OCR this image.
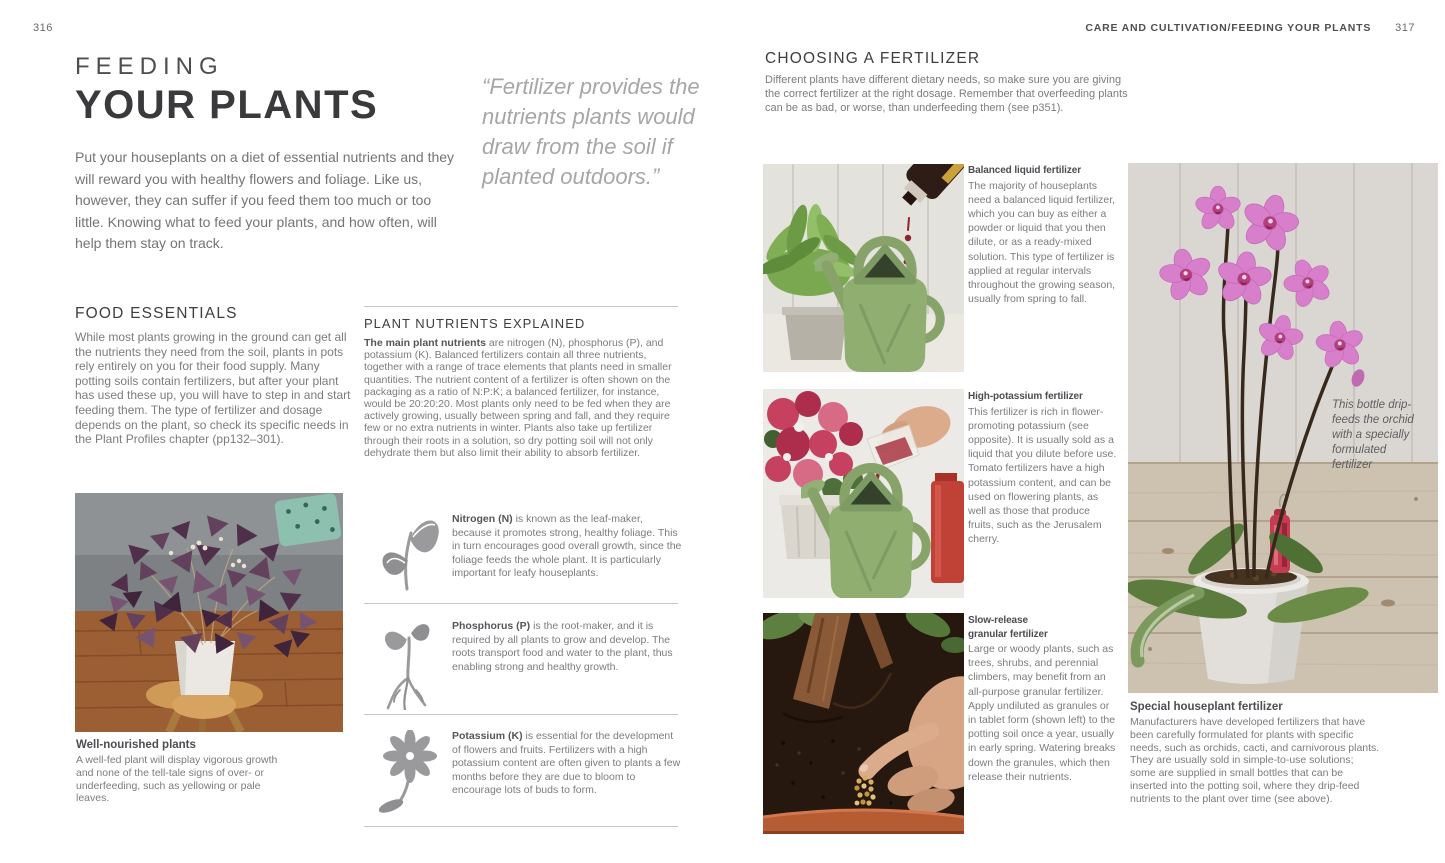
316
FEEDING
YOUR PLANTS
Put your houseplants on a diet of essential nutrients and they will reward you with healthy flowers and foliage. Like us, however, they can suffer if you feed them too much or too little. Knowing what to feed your plants, and how often, will help them stay on track.
“Fertilizer provides the nutrients plants would draw from the soil if planted outdoors.”
FOOD ESSENTIALS
While most plants growing in the ground can get all the nutrients they need from the soil, plants in pots rely entirely on you for their food supply. Many potting soils contain fertilizers, but after your plant has used these up, you will have to step in and start feeding them. The type of fertilizer and dosage depends on the plant, so check its specific needs in the Plant Profiles chapter (pp132–301).
Well-nourished plants
A well-fed plant will display vigorous growth and none of the tell-tale signs of over- or underfeeding, such as yellowing or pale leaves.
PLANT NUTRIENTS EXPLAINED
The main plant nutrients are nitrogen (N), phosphorus (P), and potassium (K). Balanced fertilizers contain all three nutrients, together with a range of trace elements that plants need in smaller quantities. The nutrient content of a fertilizer is often shown on the packaging as a ratio of N:P:K; a balanced fertilizer, for instance, would be 20:20:20. Most plants only need to be fed when they are actively growing, usually between spring and fall, and they require few or no extra nutrients in winter. Plants also take up fertilizer through their roots in a solution, so dry potting soil will not only dehydrate them but also limit their ability to absorb fertilizer.
Nitrogen (N) is known as the leaf-maker, because it promotes strong, healthy foliage. This in turn encourages good overall growth, since the foliage feeds the whole plant. It is particularly important for leafy houseplants.
Phosphorus (P) is the root-maker, and it is required by all plants to grow and develop. The roots transport food and water to the plant, thus enabling strong and healthy growth.
Potassium (K) is essential for the development of flowers and fruits. Fertilizers with a high potassium content are often given to plants a few months before they are due to bloom to encourage lots of buds to form.
CARE AND CULTIVATION/FEEDING YOUR PLANTS 317
CHOOSING A FERTILIZER
Different plants have different dietary needs, so make sure you are giving the correct fertilizer at the right dosage. Remember that overfeeding plants can be as bad, or worse, than underfeeding them (see p351).
Balanced liquid fertilizer
The majority of houseplants need a balanced liquid fertilizer, which you can buy as either a powder or liquid that you then dilute, or as a ready-mixed solution. This type of fertilizer is applied at regular intervals throughout the growing season, usually from spring to fall.
High-potassium fertilizer
This fertilizer is rich in flower-promoting potassium (see opposite). It is usually sold as a liquid that you dilute before use. Tomato fertilizers have a high potassium content, and can be used on flowering plants, as well as those that produce fruits, such as the Jerusalem cherry.
Slow-release granular fertilizer
Large or woody plants, such as trees, shrubs, and perennial climbers, may benefit from an all-purpose granular fertilizer. Apply undiluted as granules or in tablet form (shown left) to the potting soil once a year, usually in early spring. Watering breaks down the granules, which then release their nutrients.
This bottle drip-feeds the orchid with a specially formulated fertilizer
Special houseplant fertilizer
Manufacturers have developed fertilizers that have been carefully formulated for plants with specific needs, such as orchids, cacti, and carnivorous plants. They are usually sold in simple-to-use solutions; some are supplied in small bottles that can be inserted into the potting soil, where they drip-feed nutrients to the plant over time (see above).
